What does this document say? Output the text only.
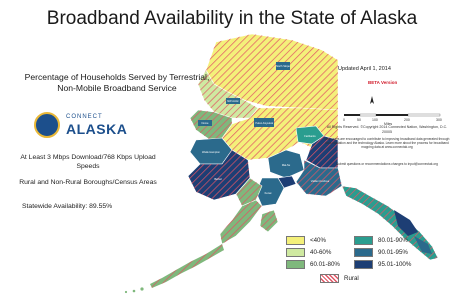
North Slope
NW Arctic
Yukon-Koyukuk
Nome
Fairbanks
Wade Hampton
Bethel
Mat-Su
Valdez-Cordova
Kenai
Broadband Availability in the State of Alaska
Percentage of Households Served by Terrestrial, Non-Mobile Broadband Service
CONNECT
ALASKA
At Least 3 Mbps Download/768 Kbps Upload Speeds
Rural and Non-Rural Boroughs/Census Areas
Statewide Availability: 89.55%
Updated April 1, 2014
BETA Version
0	50	100	200	300
Miles
All Rights Reserved. ©Copyright 2014 Connected Nation, Washington, D.C. 20005
Map users are encouraged to contribute to improving broadband data generated through data validation and the technology Alaska. Learn more about the process for broadband mapping data at www.connectak.org
Submit questions or recommendations changes to input@connectak.org
<40%
40-60%
60.01-80%
80.01-90%
90.01-95%
95.01-100%
Rural
